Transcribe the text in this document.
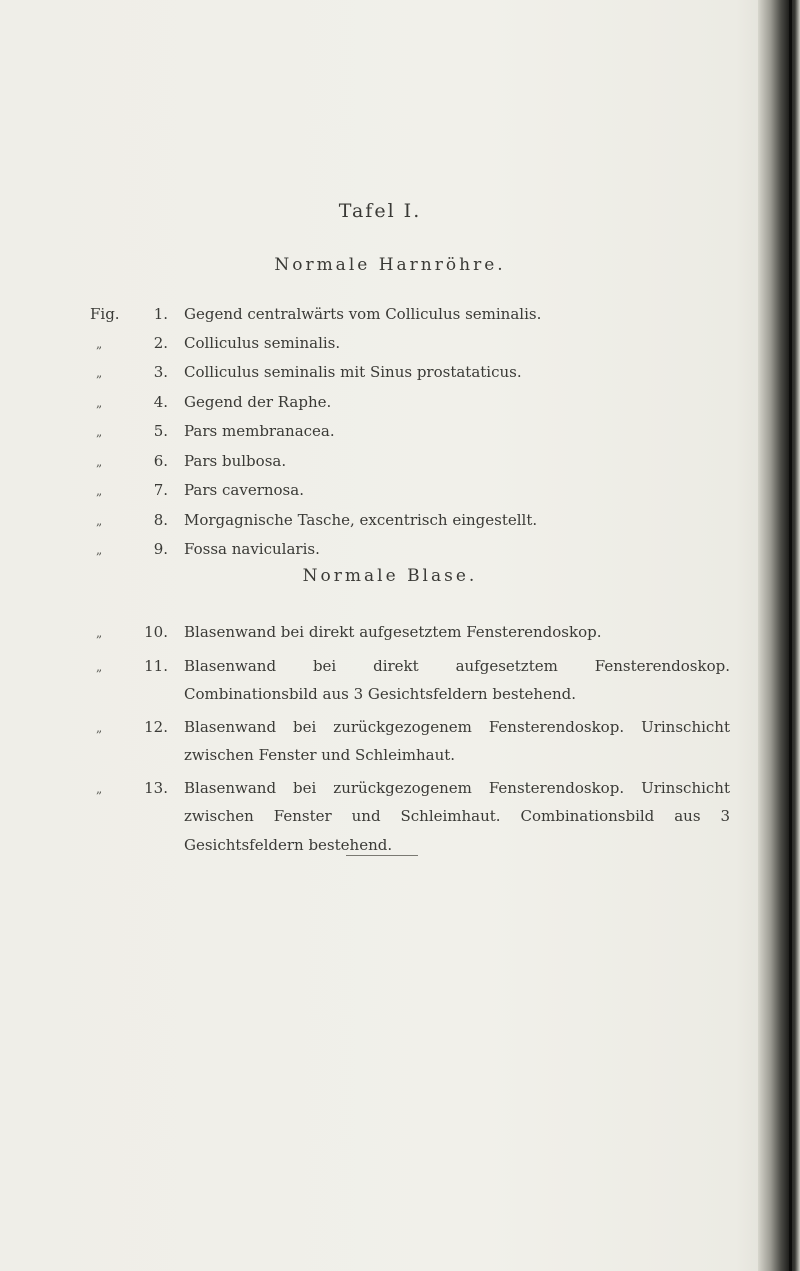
Tafel I.
Normale Harnröhre.
Fig.	1.	Gegend centralwärts vom Colliculus seminalis.
„	2.	Colliculus seminalis.
„	3.	Colliculus seminalis mit Sinus prostataticus.
„	4.	Gegend der Raphe.
„	5.	Pars membranacea.
„	6.	Pars bulbosa.
„	7.	Pars cavernosa.
„	8.	Morgagnische Tasche, excentrisch eingestellt.
„	9.	Fossa navicularis.
Normale Blase.
„	10.	Blasenwand bei direkt aufgesetztem Fensterendoskop.
„	11.	Blasenwand bei direkt aufgesetztem Fensterendoskop. Combinationsbild aus 3 Gesichtsfeldern bestehend.
„	12.	Blasenwand bei zurückgezogenem Fensterendoskop. Urinschicht zwischen Fenster und Schleimhaut.
„	13.	Blasenwand bei zurückgezogenem Fensterendoskop. Urinschicht zwischen Fenster und Schleimhaut. Combinationsbild aus 3 Gesichtsfeldern bestehend.
